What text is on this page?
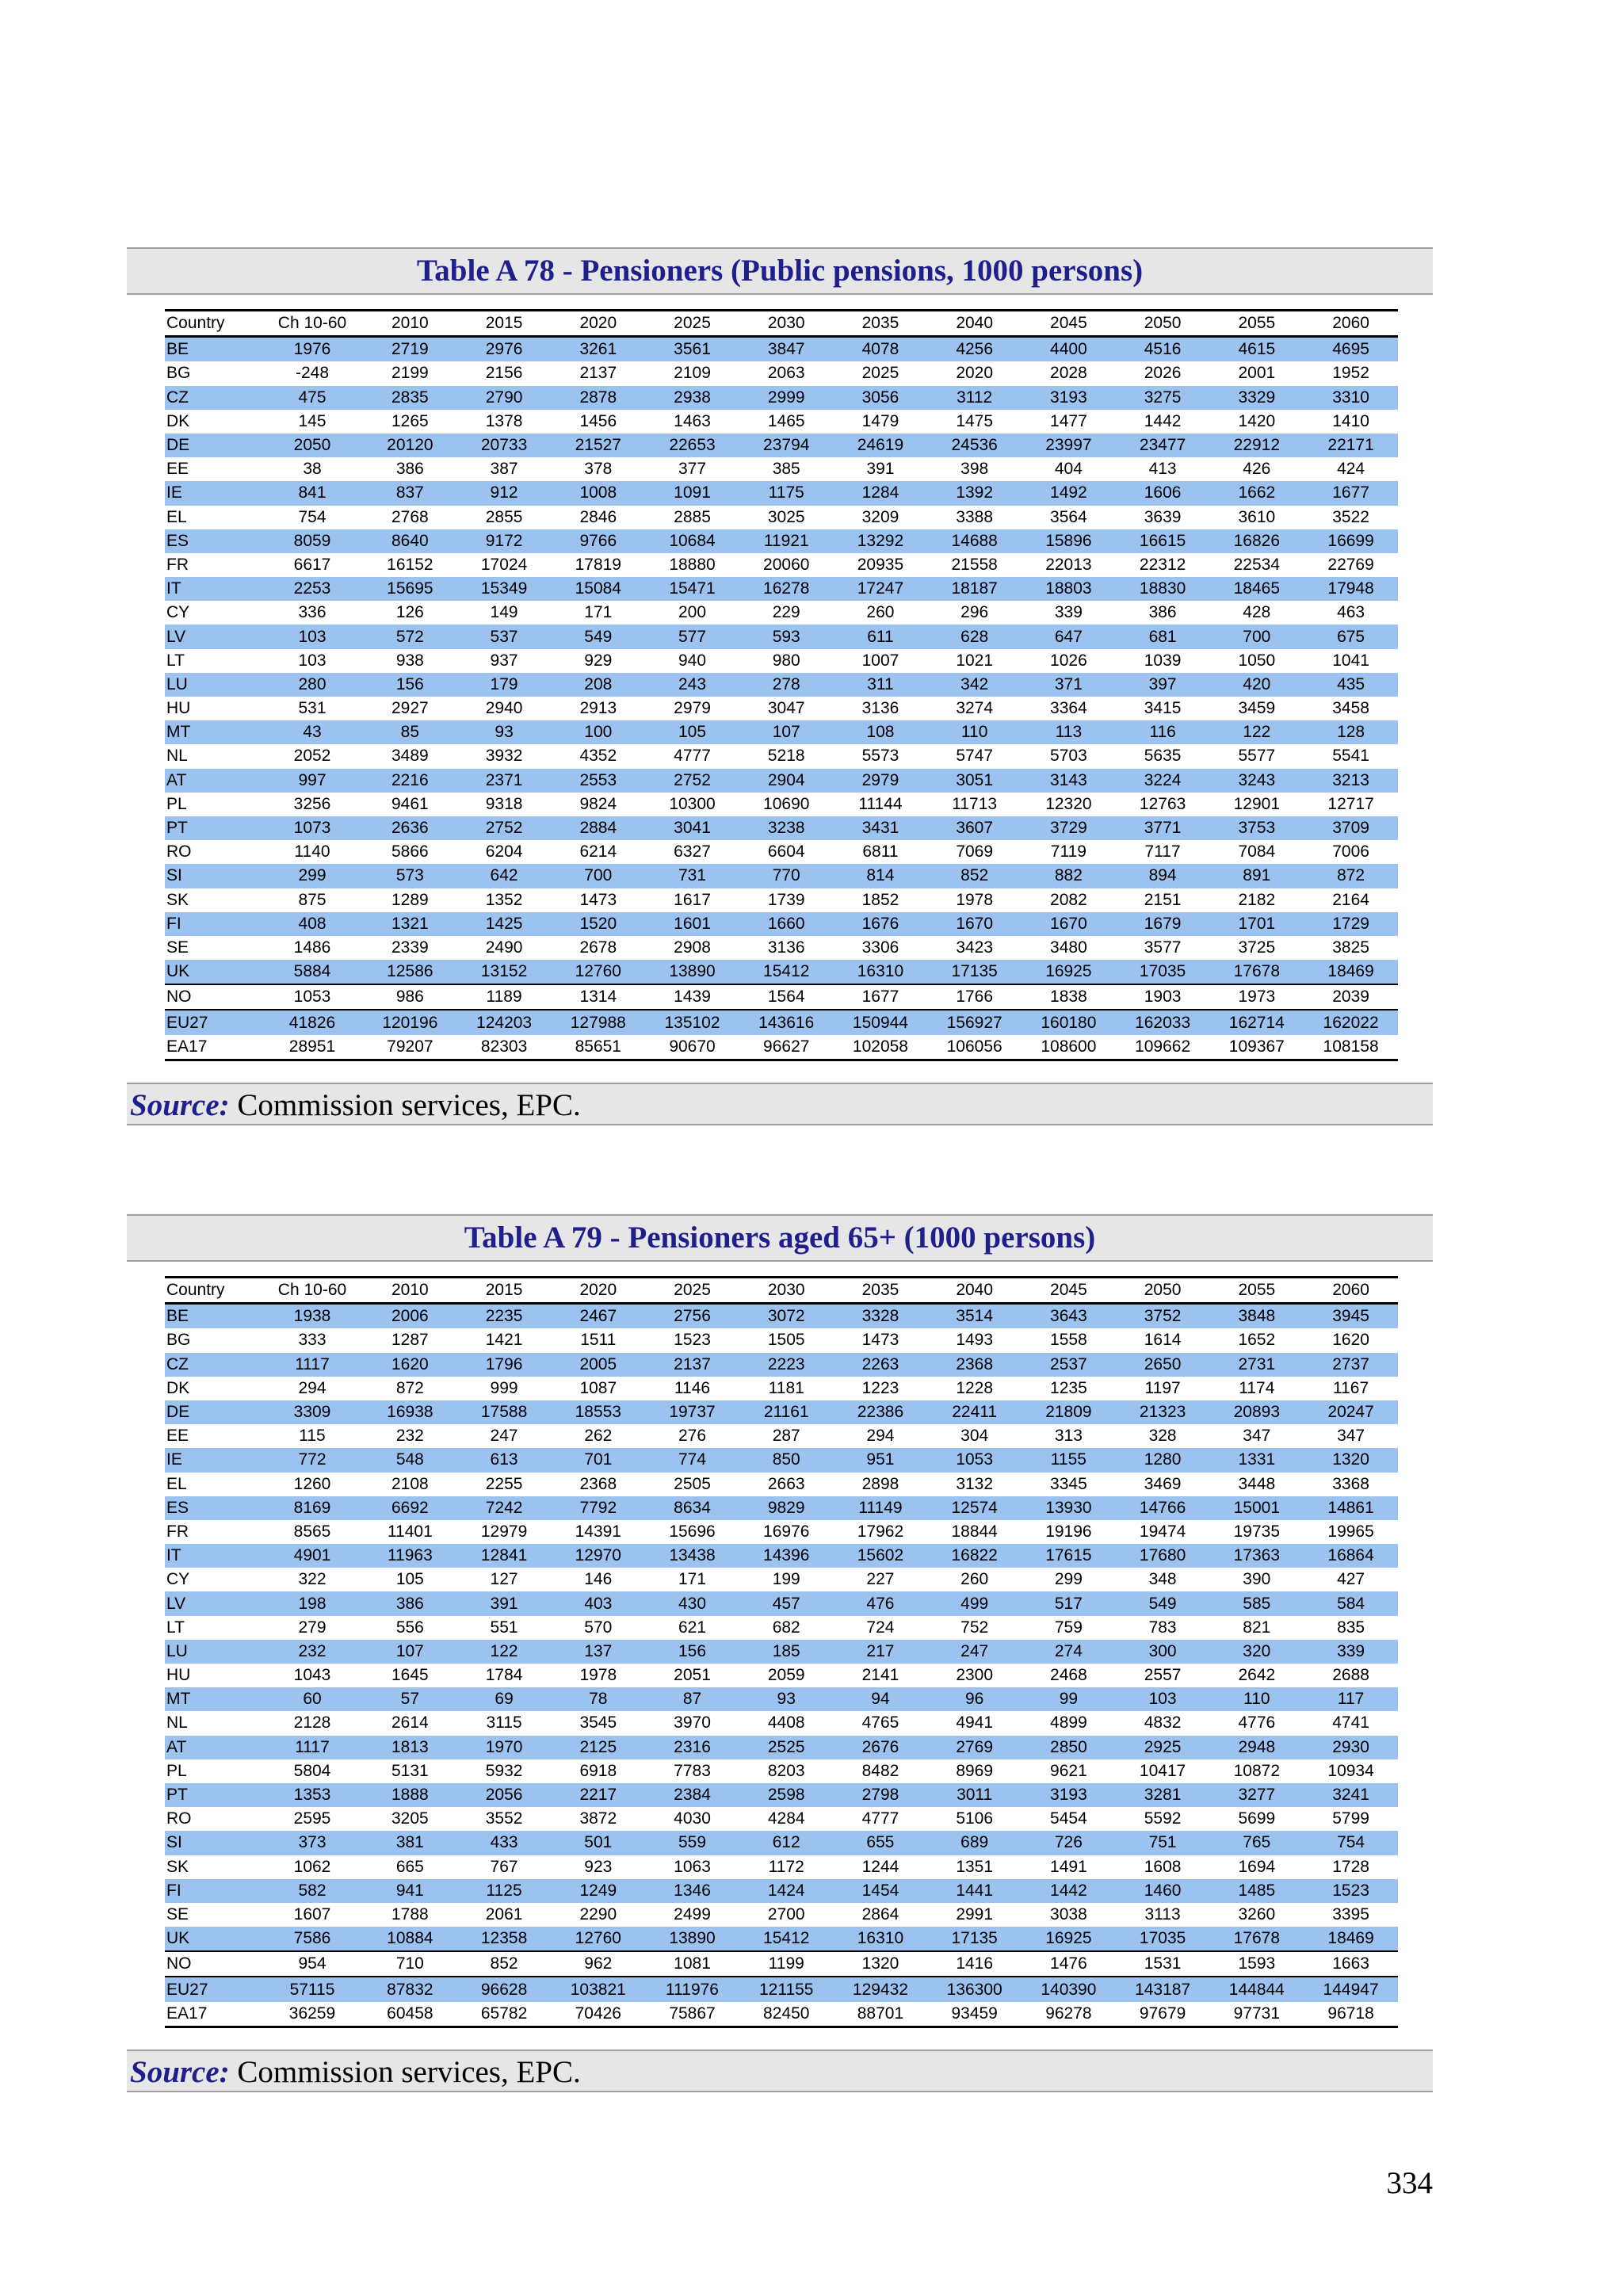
Table A 78 - Pensioners (Public pensions, 1000 persons)
Country	Ch 10-60	2010	2015	2020	2025	2030	2035	2040	2045	2050	2055	2060
BE	1976	2719	2976	3261	3561	3847	4078	4256	4400	4516	4615	4695
BG	-248	2199	2156	2137	2109	2063	2025	2020	2028	2026	2001	1952
CZ	475	2835	2790	2878	2938	2999	3056	3112	3193	3275	3329	3310
DK	145	1265	1378	1456	1463	1465	1479	1475	1477	1442	1420	1410
DE	2050	20120	20733	21527	22653	23794	24619	24536	23997	23477	22912	22171
EE	38	386	387	378	377	385	391	398	404	413	426	424
IE	841	837	912	1008	1091	1175	1284	1392	1492	1606	1662	1677
EL	754	2768	2855	2846	2885	3025	3209	3388	3564	3639	3610	3522
ES	8059	8640	9172	9766	10684	11921	13292	14688	15896	16615	16826	16699
FR	6617	16152	17024	17819	18880	20060	20935	21558	22013	22312	22534	22769
IT	2253	15695	15349	15084	15471	16278	17247	18187	18803	18830	18465	17948
CY	336	126	149	171	200	229	260	296	339	386	428	463
LV	103	572	537	549	577	593	611	628	647	681	700	675
LT	103	938	937	929	940	980	1007	1021	1026	1039	1050	1041
LU	280	156	179	208	243	278	311	342	371	397	420	435
HU	531	2927	2940	2913	2979	3047	3136	3274	3364	3415	3459	3458
MT	43	85	93	100	105	107	108	110	113	116	122	128
NL	2052	3489	3932	4352	4777	5218	5573	5747	5703	5635	5577	5541
AT	997	2216	2371	2553	2752	2904	2979	3051	3143	3224	3243	3213
PL	3256	9461	9318	9824	10300	10690	11144	11713	12320	12763	12901	12717
PT	1073	2636	2752	2884	3041	3238	3431	3607	3729	3771	3753	3709
RO	1140	5866	6204	6214	6327	6604	6811	7069	7119	7117	7084	7006
SI	299	573	642	700	731	770	814	852	882	894	891	872
SK	875	1289	1352	1473	1617	1739	1852	1978	2082	2151	2182	2164
FI	408	1321	1425	1520	1601	1660	1676	1670	1670	1679	1701	1729
SE	1486	2339	2490	2678	2908	3136	3306	3423	3480	3577	3725	3825
UK	5884	12586	13152	12760	13890	15412	16310	17135	16925	17035	17678	18469
NO	1053	986	1189	1314	1439	1564	1677	1766	1838	1903	1973	2039
EU27	41826	120196	124203	127988	135102	143616	150944	156927	160180	162033	162714	162022
EA17	28951	79207	82303	85651	90670	96627	102058	106056	108600	109662	109367	108158
Source: Commission services, EPC.
Table A 79 - Pensioners aged 65+ (1000 persons)
Country	Ch 10-60	2010	2015	2020	2025	2030	2035	2040	2045	2050	2055	2060
BE	1938	2006	2235	2467	2756	3072	3328	3514	3643	3752	3848	3945
BG	333	1287	1421	1511	1523	1505	1473	1493	1558	1614	1652	1620
CZ	1117	1620	1796	2005	2137	2223	2263	2368	2537	2650	2731	2737
DK	294	872	999	1087	1146	1181	1223	1228	1235	1197	1174	1167
DE	3309	16938	17588	18553	19737	21161	22386	22411	21809	21323	20893	20247
EE	115	232	247	262	276	287	294	304	313	328	347	347
IE	772	548	613	701	774	850	951	1053	1155	1280	1331	1320
EL	1260	2108	2255	2368	2505	2663	2898	3132	3345	3469	3448	3368
ES	8169	6692	7242	7792	8634	9829	11149	12574	13930	14766	15001	14861
FR	8565	11401	12979	14391	15696	16976	17962	18844	19196	19474	19735	19965
IT	4901	11963	12841	12970	13438	14396	15602	16822	17615	17680	17363	16864
CY	322	105	127	146	171	199	227	260	299	348	390	427
LV	198	386	391	403	430	457	476	499	517	549	585	584
LT	279	556	551	570	621	682	724	752	759	783	821	835
LU	232	107	122	137	156	185	217	247	274	300	320	339
HU	1043	1645	1784	1978	2051	2059	2141	2300	2468	2557	2642	2688
MT	60	57	69	78	87	93	94	96	99	103	110	117
NL	2128	2614	3115	3545	3970	4408	4765	4941	4899	4832	4776	4741
AT	1117	1813	1970	2125	2316	2525	2676	2769	2850	2925	2948	2930
PL	5804	5131	5932	6918	7783	8203	8482	8969	9621	10417	10872	10934
PT	1353	1888	2056	2217	2384	2598	2798	3011	3193	3281	3277	3241
RO	2595	3205	3552	3872	4030	4284	4777	5106	5454	5592	5699	5799
SI	373	381	433	501	559	612	655	689	726	751	765	754
SK	1062	665	767	923	1063	1172	1244	1351	1491	1608	1694	1728
FI	582	941	1125	1249	1346	1424	1454	1441	1442	1460	1485	1523
SE	1607	1788	2061	2290	2499	2700	2864	2991	3038	3113	3260	3395
UK	7586	10884	12358	12760	13890	15412	16310	17135	16925	17035	17678	18469
NO	954	710	852	962	1081	1199	1320	1416	1476	1531	1593	1663
EU27	57115	87832	96628	103821	111976	121155	129432	136300	140390	143187	144844	144947
EA17	36259	60458	65782	70426	75867	82450	88701	93459	96278	97679	97731	96718
Source: Commission services, EPC.
334
